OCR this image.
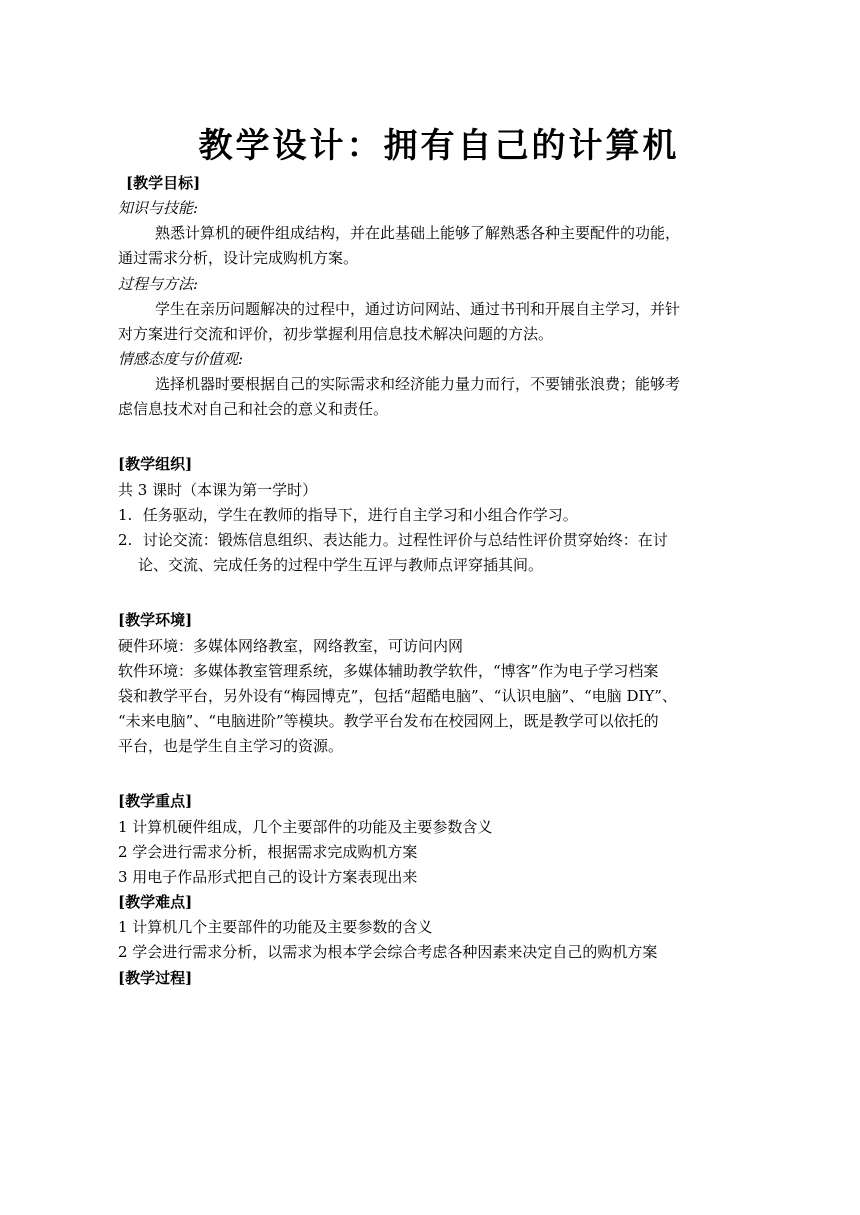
教学设计：拥有自己的计算机
[教学目标]
知识与技能:
熟悉计算机的硬件组成结构，并在此基础上能够了解熟悉各种主要配件的功能，
通过需求分析，设计完成购机方案。
过程与方法:
学生在亲历问题解决的过程中，通过访问网站、通过书刊和开展自主学习，并针
对方案进行交流和评价，初步掌握利用信息技术解决问题的方法。
情感态度与价值观:
选择机器时要根据自己的实际需求和经济能力量力而行，不要铺张浪费；能够考
虑信息技术对自己和社会的意义和责任。
[教学组织]
共 3 课时（本课为第一学时）
1. 任务驱动，学生在教师的指导下，进行自主学习和小组合作学习。
2. 讨论交流：锻炼信息组织、表达能力。过程性评价与总结性评价贯穿始终：在讨
论、交流、完成任务的过程中学生互评与教师点评穿插其间。
[教学环境]
硬件环境：多媒体网络教室，网络教室，可访问内网
软件环境：多媒体教室管理系统，多媒体辅助教学软件，“博客”作为电子学习档案
袋和教学平台，另外设有“梅园博克”，包括“超酷电脑”、“认识电脑”、“电脑 DIY”、
“未来电脑”、“电脑进阶”等模块。教学平台发布在校园网上，既是教学可以依托的
平台，也是学生自主学习的资源。
[教学重点]
1 计算机硬件组成，几个主要部件的功能及主要参数含义
2 学会进行需求分析，根据需求完成购机方案
3 用电子作品形式把自己的设计方案表现出来
[教学难点]
1 计算机几个主要部件的功能及主要参数的含义
2 学会进行需求分析，以需求为根本学会综合考虑各种因素来决定自己的购机方案
[教学过程]
